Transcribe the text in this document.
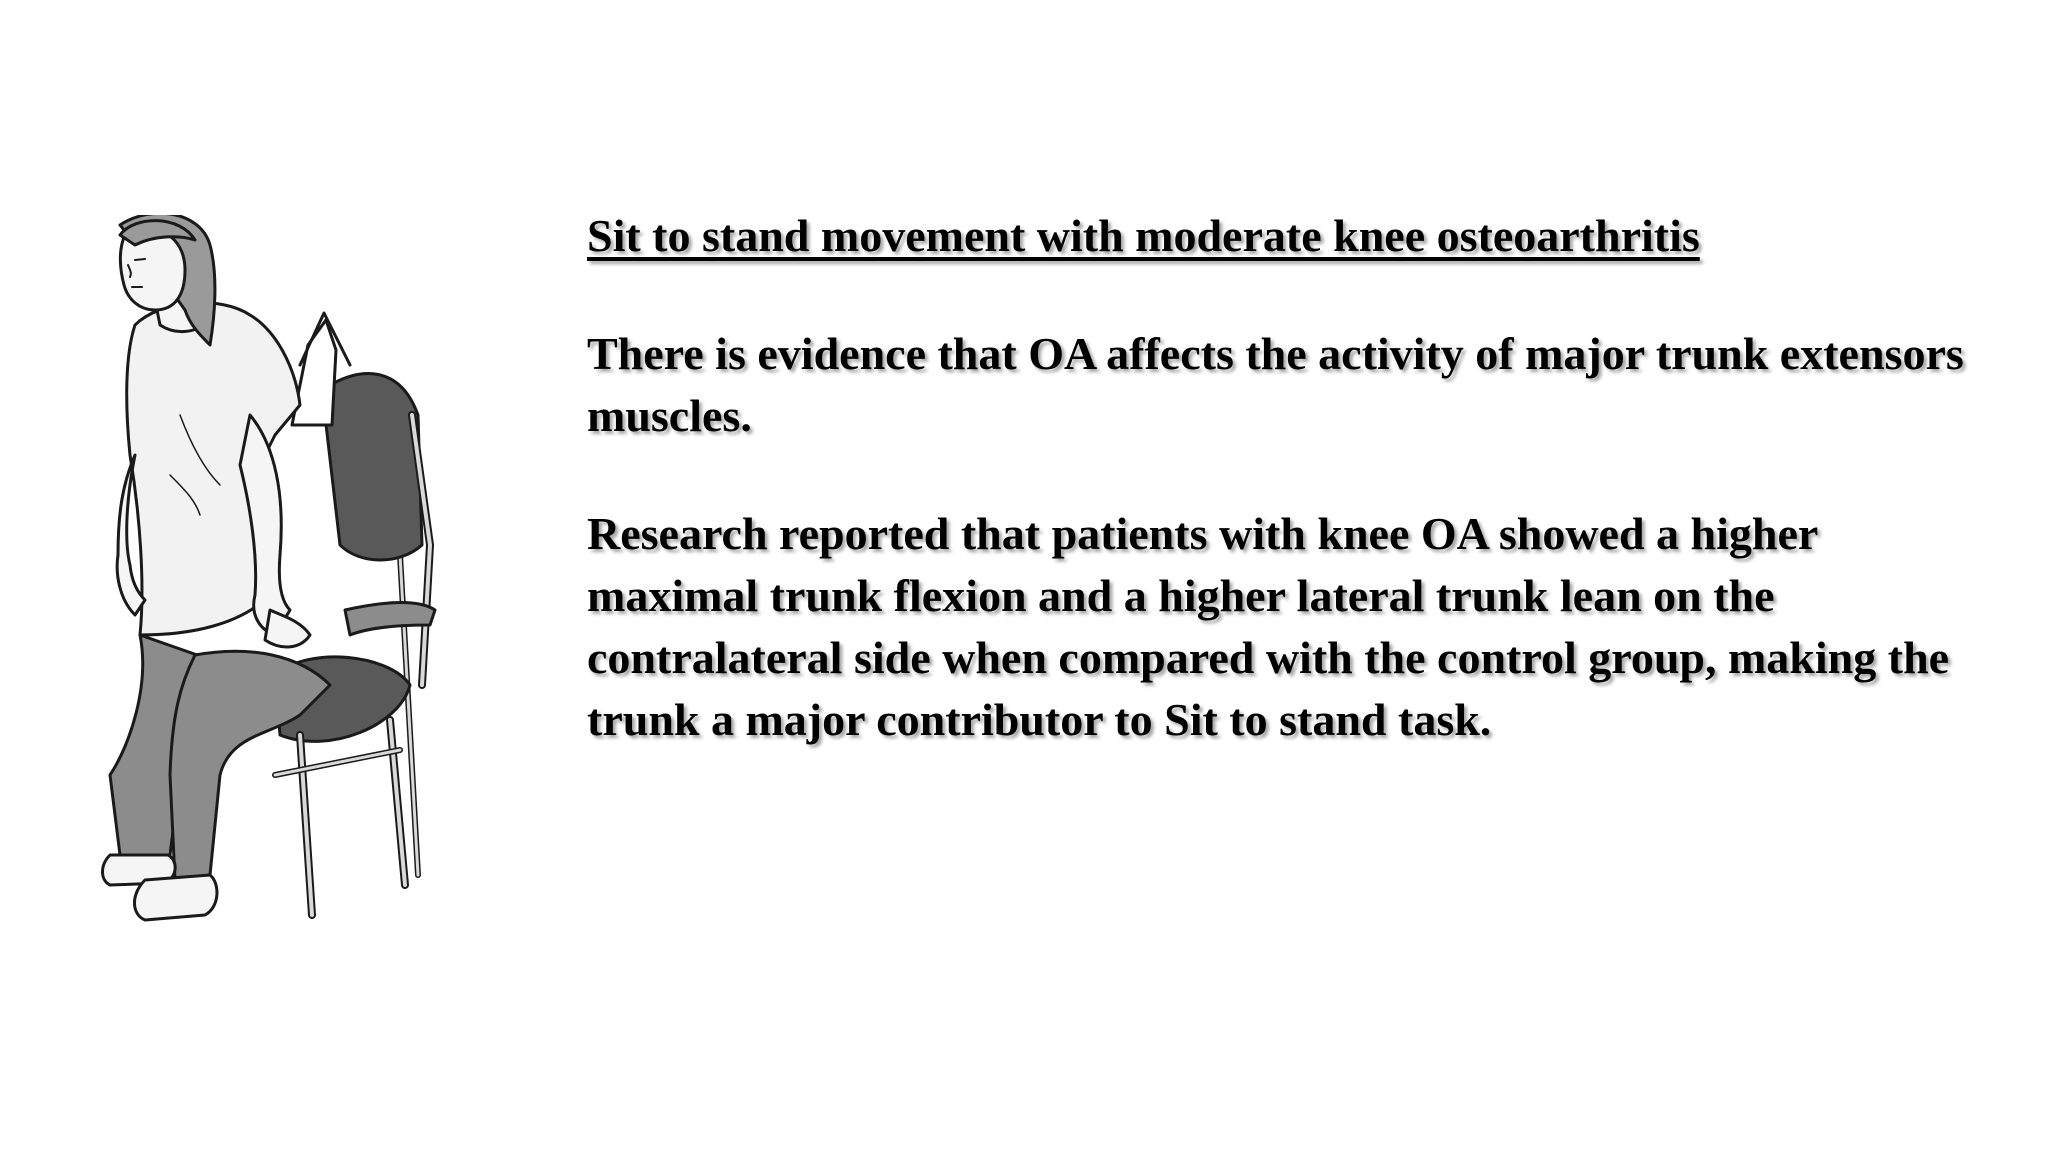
Sit to stand movement with moderate knee osteoarthritis

There is evidence that OA affects the activity of major trunk extensors muscles.

Research reported that patients with knee OA showed a higher maximal trunk flexion and a higher lateral trunk lean on the contralateral side when compared with the control group, making the trunk a major contributor to Sit to stand task.
